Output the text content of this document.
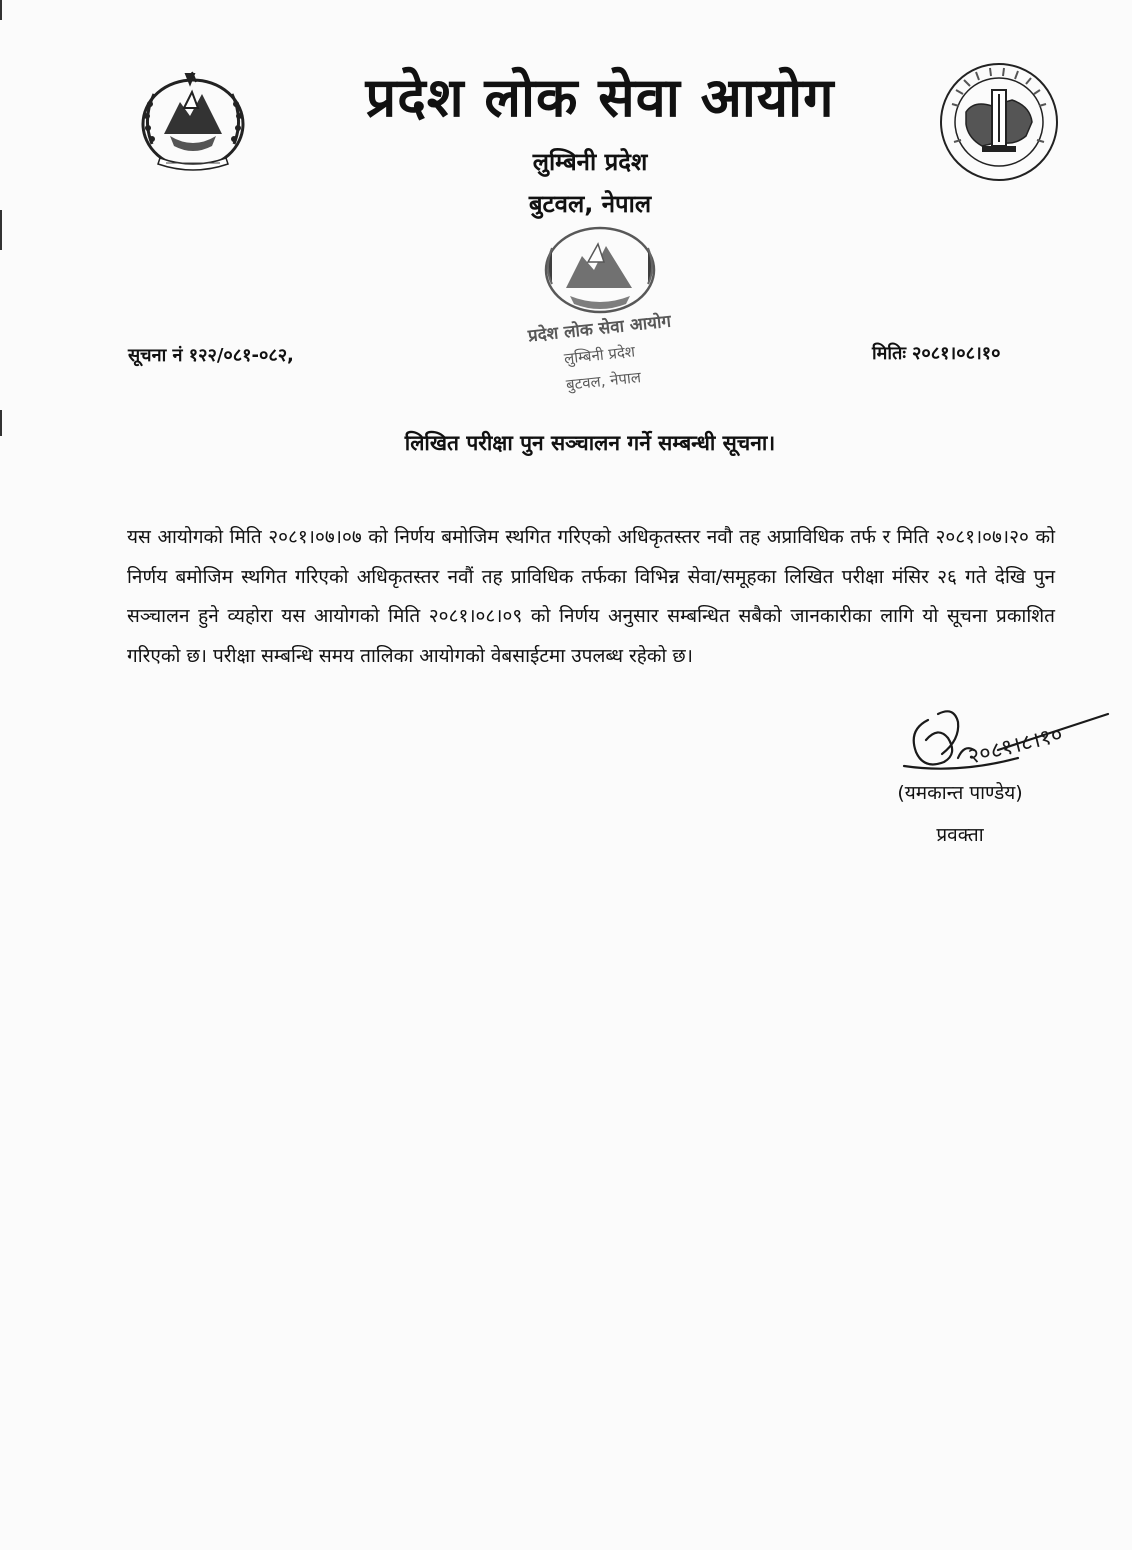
प्रदेश लोक सेवा आयोग
लुम्बिनी प्रदेश
बुटवल, नेपाल
प्रदेश लोक सेवा आयोग
लुम्बिनी प्रदेश
बुटवल, नेपाल
सूचना नं १२२/०८१-०८२,	मितिः २०८१।०८।१०
लिखित परीक्षा पुन सञ्चालन गर्ने सम्बन्धी सूचना।
यस आयोगको मिति २०८१।०७।०७ को निर्णय बमोजिम स्थगित गरिएको अधिकृतस्तर नवौ तह अप्राविधिक तर्फ र मिति २०८१।०७।२० को निर्णय बमोजिम स्थगित गरिएको अधिकृतस्तर नवौं तह प्राविधिक तर्फका विभिन्न सेवा/समूहका लिखित परीक्षा मंसिर २६ गते देखि पुन सञ्चालन हुने व्यहोरा यस आयोगको मिति २०८१।०८।०९ को निर्णय अनुसार सम्बन्धित सबैको जानकारीका लागि यो सूचना प्रकाशित गरिएको छ। परीक्षा सम्बन्धि समय तालिका आयोगको वेबसाईटमा उपलब्ध रहेको छ।
२०८१।८।१०
(यमकान्त पाण्डेय)
प्रवक्ता
